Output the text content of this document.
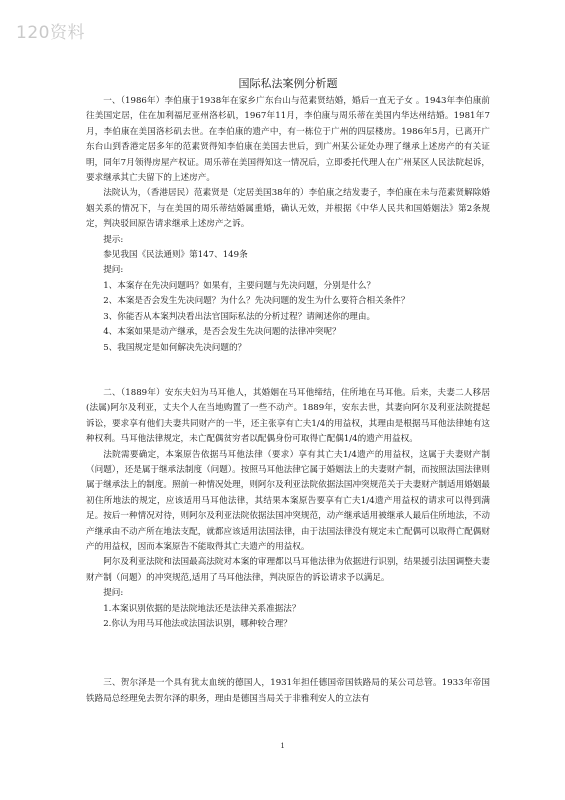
120资料
国际私法案例分析题

一、（1986年）李伯康于1938年在家乡广东台山与范素贤结婚，婚后一直无子女 。1943年李伯康前往美国定居，住在加利福尼亚州洛杉矶，1967年11月，李伯康与周乐蒂在美国内华达州结婚。1981年7月，李伯康在美国洛杉矶去世。在李伯康的遗产中，有一栋位于广州的四层楼房。1986年5月，已离开广东台山到香港定居多年的范素贤得知李伯康在美国去世后，到广州某公证处办理了继承上述房产的有关证明，同年7月领得房屋产权证。周乐蒂在美国得知这一情况后，立即委托代理人在广州某区人民法院起诉，要求继承其亡夫留下的上述房产。

法院认为，（香港居民）范素贤是（定居美国38年的）李伯康之结发妻子，李伯康在未与范素贤解除婚姻关系的情况下，与在美国的周乐蒂结婚属重婚，确认无效，并根据《中华人民共和国婚姻法》第2条规定，判决驳回原告请求继承上述房产之诉。

提示:

参见我国《民法通则》第147、149条

提问:

1、本案存在先决问题吗？如果有，主要问题与先决问题，分别是什么？

2、本案是否会发生先决问题？为什么？先决问题的发生为什么要符合相关条件？

3、你能否从本案判决看出法官国际私法的分析过程？请阐述你的理由。

4、本案如果是动产继承，是否会发生先决问题的法律冲突呢？

5、我国规定是如何解决先决问题的？

二、（1889年）安东夫妇为马耳他人，其婚姻在马耳他缔结，住所地在马耳他。后来，夫妻二人移居(法属)阿尔及利亚，丈夫个人在当地购置了一些不动产。1889年，安东去世，其妻向阿尔及利亚法院提起诉讼，要求享有他们夫妻共同财产的一半，还主张享有亡夫1/4的用益权，其理由是根据马耳他法律她有这种权利。马耳他法律规定，未亡配偶贫穷者以配偶身份可取得亡配偶1/4的遗产用益权。

法院需要确定，本案原告依据马耳他法律（要求）享有其亡夫1/4遗产的用益权，这属于夫妻财产制（问题），还是属于继承法制度（问题）。按照马耳他法律它属于婚姻法上的夫妻财产制，而按照法国法律则属于继承法上的制度。照前一种情况处理，则阿尔及利亚法院依据法国冲突规范关于夫妻财产制适用婚姻最初住所地法的规定，应该适用马耳他法律，其结果本案原告要享有亡夫1/4遗产用益权的请求可以得到满足。按后一种情况对待，则阿尔及利亚法院依据法国冲突规范，动产继承适用被继承人最后住所地法，不动产继承由不动产所在地法支配，就都应该适用法国法律，由于法国法律没有规定未亡配偶可以取得亡配偶财产的用益权，因而本案原告不能取得其亡夫遗产的用益权。

阿尔及利亚法院和法国最高法院对本案的审理都以马耳他法律为依据进行识别，结果援引法国调整夫妻财产制（问题）的冲突规范,适用了马耳他法律，判决原告的诉讼请求予以满足。

提问:

1.本案识别依据的是法院地法还是法律关系准据法？

2.你认为用马耳他法或法国法识别，哪种较合理？

三、贺尔泽是一个具有犹太血统的德国人，1931年担任德国帝国铁路局的某公司总管。1933年帝国铁路局总经理免去贺尔泽的职务，理由是德国当局关于非雅利安人的立法有

1
